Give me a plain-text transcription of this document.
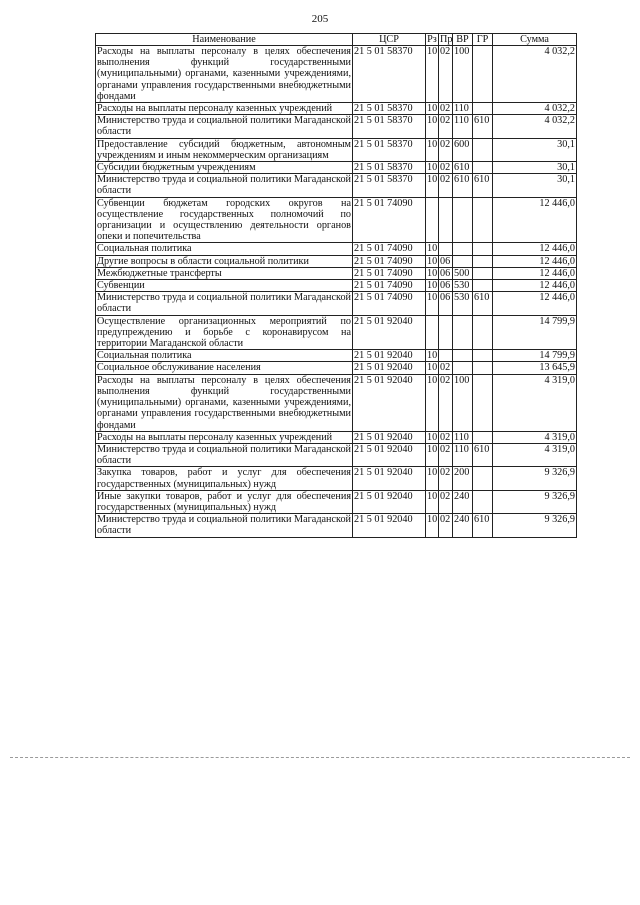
205
Наименование	ЦСР	Рз	Пр	ВР	ГР	Сумма
Расходы на выплаты персоналу в целях обеспечения выполнения функций государственными (муниципальными) органами, казенными учреждениями, органами управления государственными внебюджетными фондами	21 5 01 58370	10	02	100		4 032,2
Расходы на выплаты персоналу казенных учреждений	21 5 01 58370	10	02	110		4 032,2
Министерство труда и социальной политики Магаданской области	21 5 01 58370	10	02	110	610	4 032,2
Предоставление субсидий бюджетным, автономным учреждениям и иным некоммерческим организациям	21 5 01 58370	10	02	600		30,1
Субсидии бюджетным учреждениям	21 5 01 58370	10	02	610		30,1
Министерство труда и социальной политики Магаданской области	21 5 01 58370	10	02	610	610	30,1
Субвенции бюджетам городских округов на осуществление государственных полномочий по организации и осуществлению деятельности органов опеки и попечительства	21 5 01 74090					12 446,0
Социальная политика	21 5 01 74090	10				12 446,0
Другие вопросы в области социальной политики	21 5 01 74090	10	06			12 446,0
Межбюджетные трансферты	21 5 01 74090	10	06	500		12 446,0
Субвенции	21 5 01 74090	10	06	530		12 446,0
Министерство труда и социальной политики Магаданской области	21 5 01 74090	10	06	530	610	12 446,0
Осуществление организационных мероприятий по предупреждению и борьбе с коронавирусом на территории Магаданской области	21 5 01 92040					14 799,9
Социальная политика	21 5 01 92040	10				14 799,9
Социальное обслуживание населения	21 5 01 92040	10	02			13 645,9
Расходы на выплаты персоналу в целях обеспечения выполнения функций государственными (муниципальными) органами, казенными учреждениями, органами управления государственными внебюджетными фондами	21 5 01 92040	10	02	100		4 319,0
Расходы на выплаты персоналу казенных учреждений	21 5 01 92040	10	02	110		4 319,0
Министерство труда и социальной политики Магаданской области	21 5 01 92040	10	02	110	610	4 319,0
Закупка товаров, работ и услуг для обеспечения государственных (муниципальных) нужд	21 5 01 92040	10	02	200		9 326,9
Иные закупки товаров, работ и услуг для обеспечения государственных (муниципальных) нужд	21 5 01 92040	10	02	240		9 326,9
Министерство труда и социальной политики Магаданской области	21 5 01 92040	10	02	240	610	9 326,9
